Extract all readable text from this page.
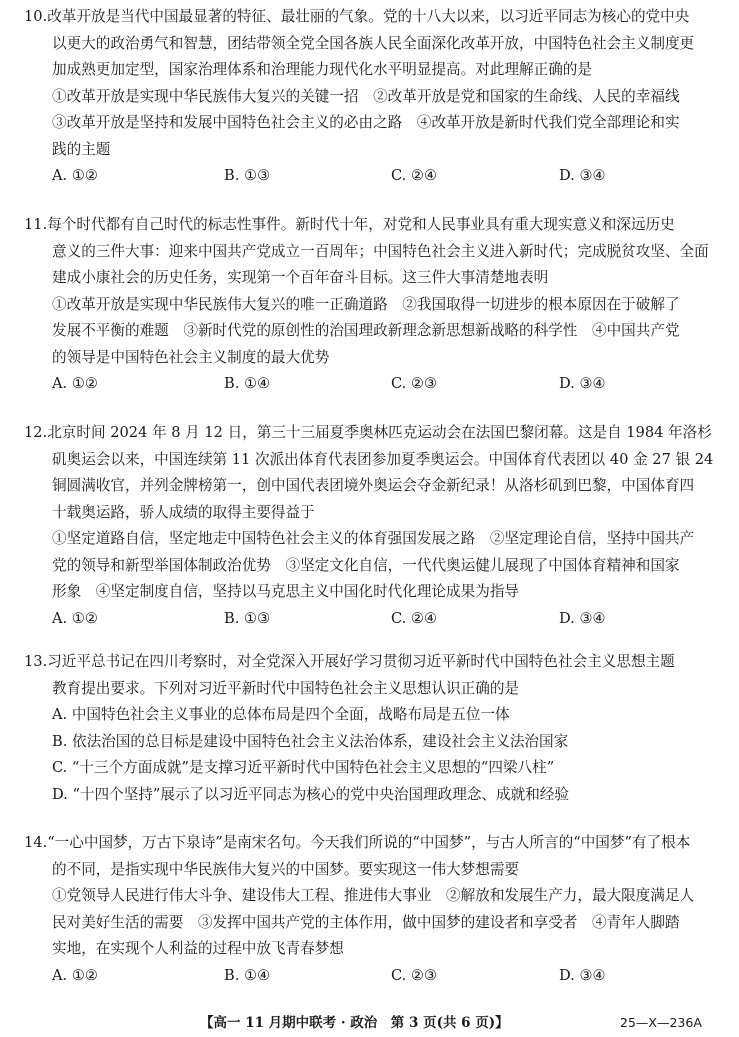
10.改革开放是当代中国最显著的特征、最壮丽的气象。党的十八大以来，以习近平同志为核心的党中央
以更大的政治勇气和智慧，团结带领全党全国各族人民全面深化改革开放，中国特色社会主义制度更
加成熟更加定型，国家治理体系和治理能力现代化水平明显提高。对此理解正确的是
①改革开放是实现中华民族伟大复兴的关键一招　②改革开放是党和国家的生命线、人民的幸福线
③改革开放是坚持和发展中国特色社会主义的必由之路　④改革开放是新时代我们党全部理论和实
践的主题
A. ①②	B. ①③	C. ②④	D. ③④
11.每个时代都有自己时代的标志性事件。新时代十年，对党和人民事业具有重大现实意义和深远历史
意义的三件大事：迎来中国共产党成立一百周年；中国特色社会主义进入新时代；完成脱贫攻坚、全面
建成小康社会的历史任务，实现第一个百年奋斗目标。这三件大事清楚地表明
①改革开放是实现中华民族伟大复兴的唯一正确道路　②我国取得一切进步的根本原因在于破解了
发展不平衡的难题　③新时代党的原创性的治国理政新理念新思想新战略的科学性　④中国共产党
的领导是中国特色社会主义制度的最大优势
A. ①②	B. ①④	C. ②③	D. ③④
12.北京时间 2024 年 8 月 12 日，第三十三届夏季奥林匹克运动会在法国巴黎闭幕。这是自 1984 年洛杉
矶奥运会以来，中国连续第 11 次派出体育代表团参加夏季奥运会。中国体育代表团以 40 金 27 银 24
铜圆满收官，并列金牌榜第一，创中国代表团境外奥运会夺金新纪录！从洛杉矶到巴黎，中国体育四
十载奥运路，骄人成绩的取得主要得益于
①坚定道路自信，坚定地走中国特色社会主义的体育强国发展之路　②坚定理论自信，坚持中国共产
党的领导和新型举国体制政治优势　③坚定文化自信，一代代奥运健儿展现了中国体育精神和国家
形象　④坚定制度自信，坚持以马克思主义中国化时代化理论成果为指导
A. ①②	B. ①③	C. ②④	D. ③④
13.习近平总书记在四川考察时，对全党深入开展好学习贯彻习近平新时代中国特色社会主义思想主题
教育提出要求。下列对习近平新时代中国特色社会主义思想认识正确的是
A. 中国特色社会主义事业的总体布局是四个全面，战略布局是五位一体
B. 依法治国的总目标是建设中国特色社会主义法治体系，建设社会主义法治国家
C. “十三个方面成就”是支撑习近平新时代中国特色社会主义思想的“四梁八柱”
D. “十四个坚持”展示了以习近平同志为核心的党中央治国理政理念、成就和经验
14.“一心中国梦，万古下泉诗”是南宋名句。今天我们所说的“中国梦”，与古人所言的“中国梦”有了根本
的不同，是指实现中华民族伟大复兴的中国梦。要实现这一伟大梦想需要
①党领导人民进行伟大斗争、建设伟大工程、推进伟大事业　②解放和发展生产力，最大限度满足人
民对美好生活的需要　③发挥中国共产党的主体作用，做中国梦的建设者和享受者　④青年人脚踏
实地，在实现个人利益的过程中放飞青春梦想
A. ①②	B. ①④	C. ②③	D. ③④
【高一 11 月期中联考 · 政治　第 3 页(共 6 页)】	25—X—236A
